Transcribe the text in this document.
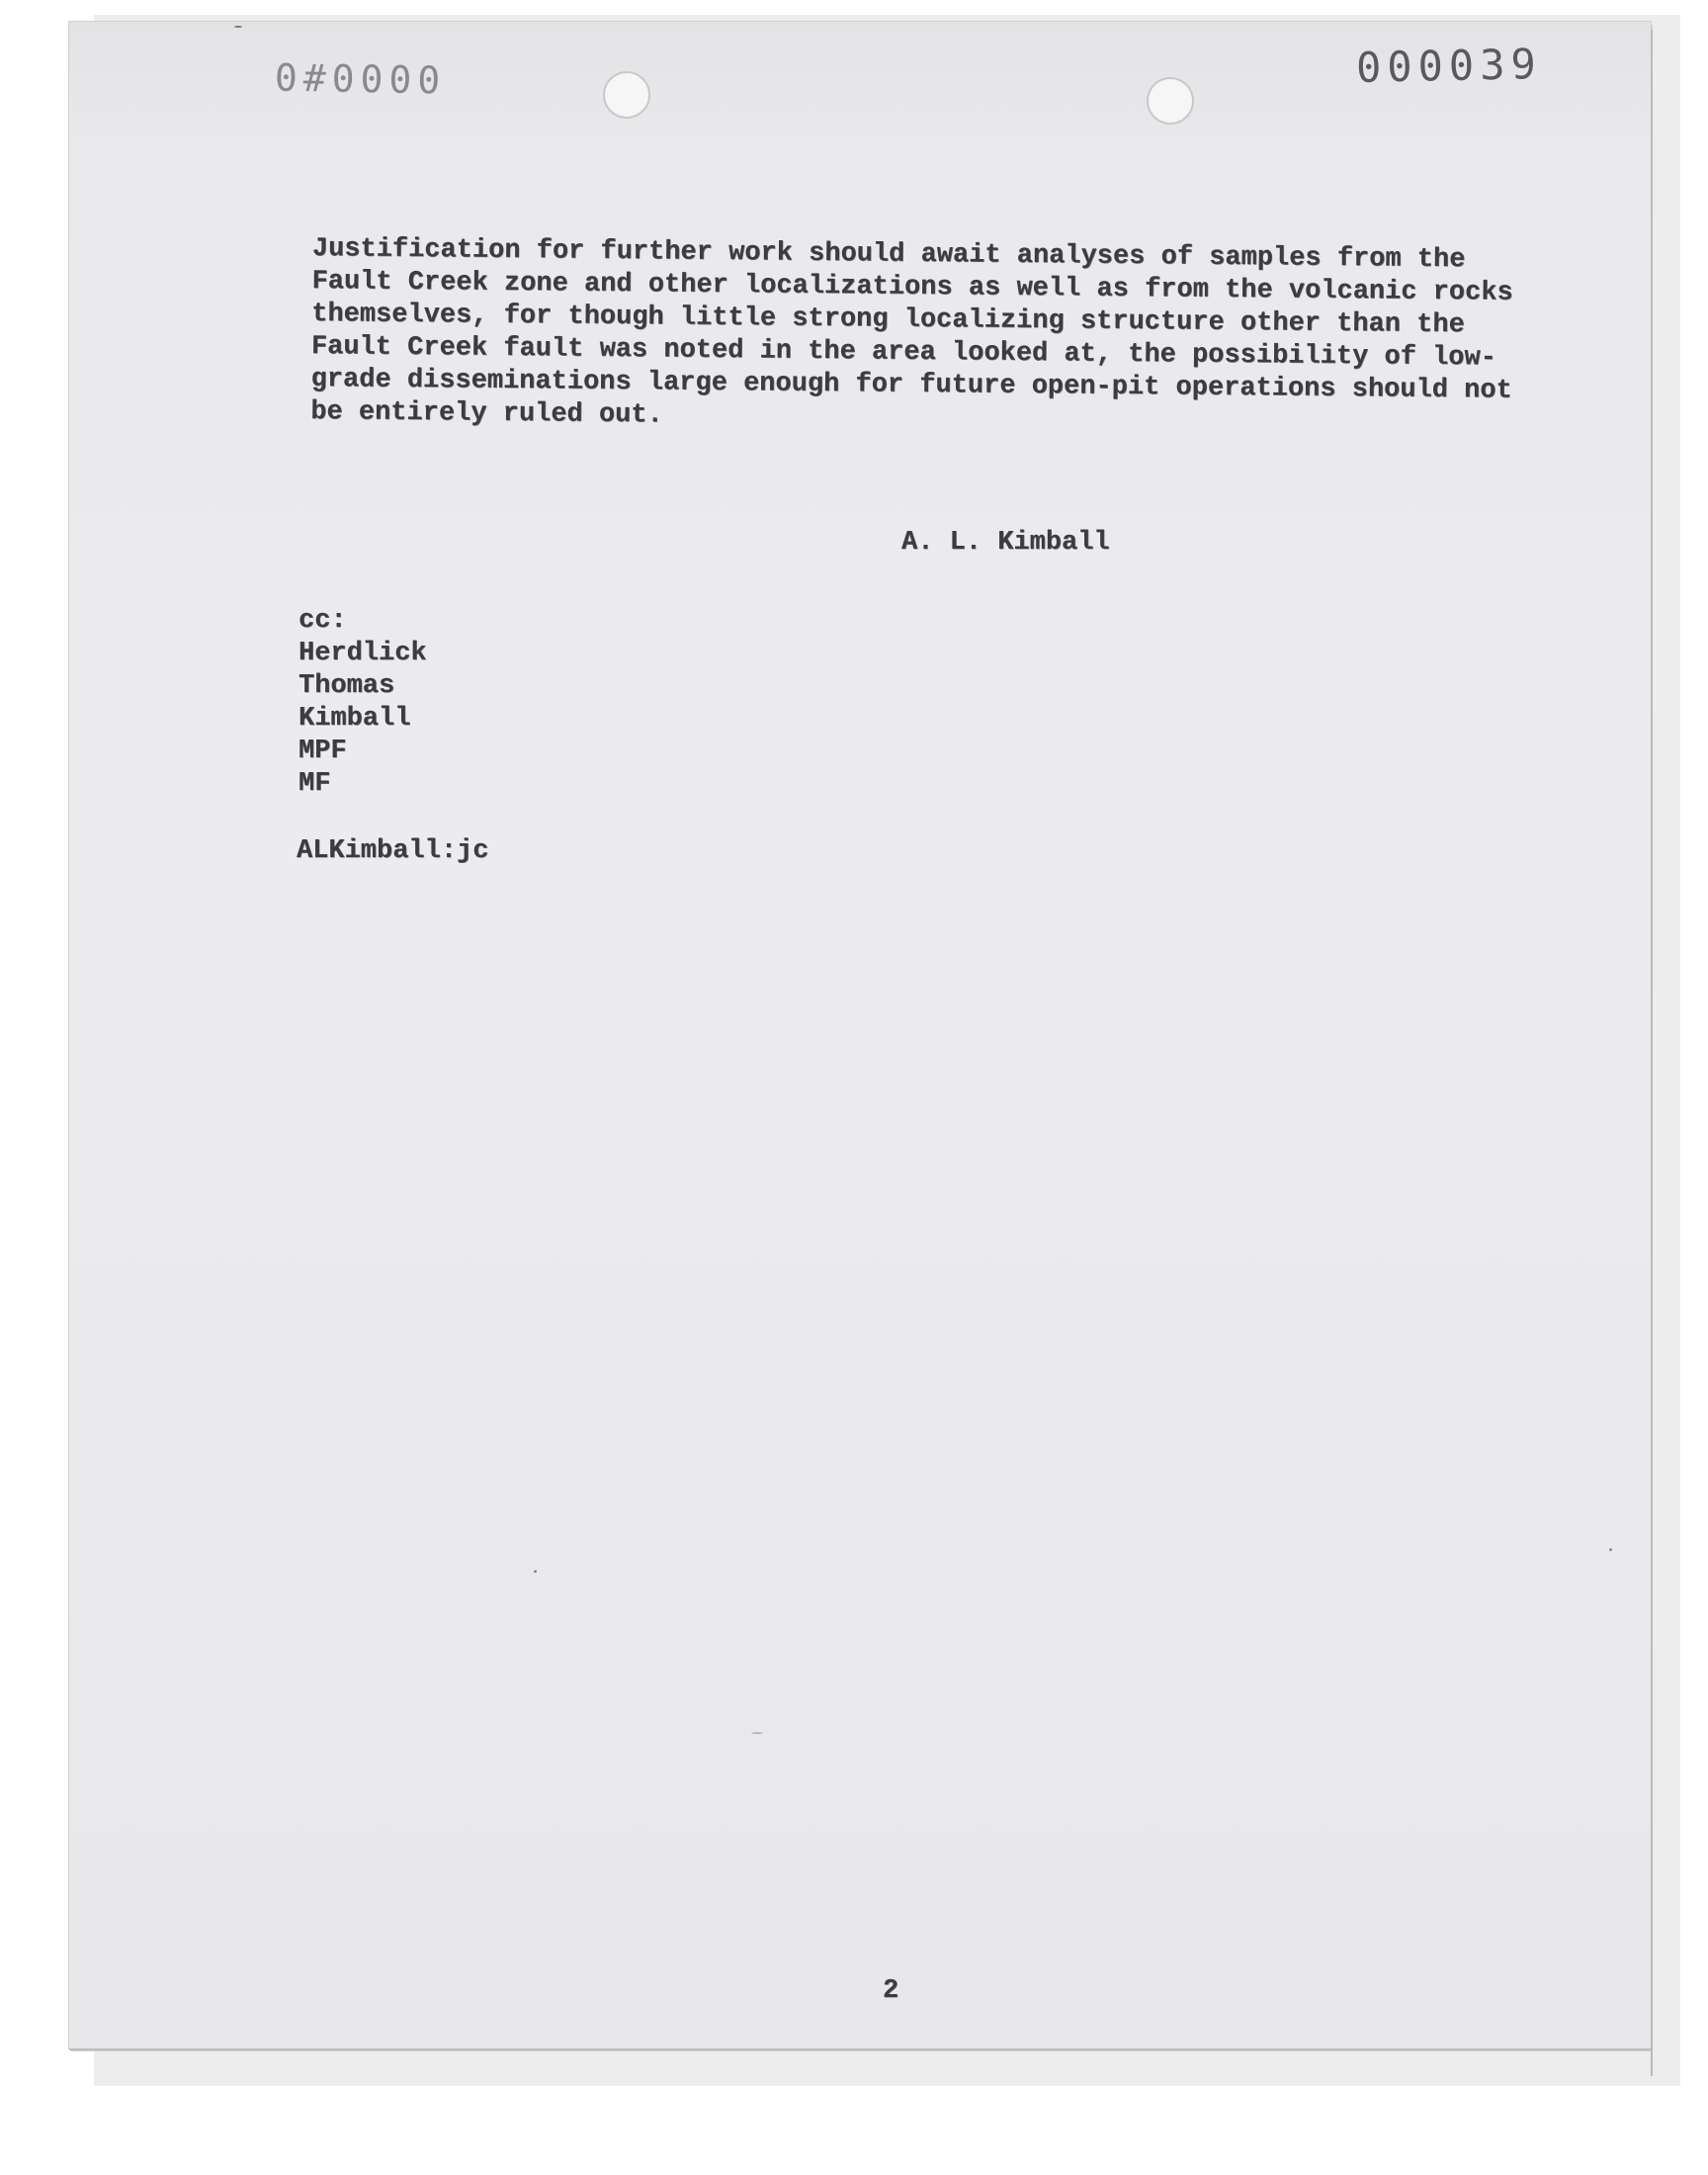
0#0000	000039
Justification for further work should await analyses of samples from the
Fault Creek zone and other localizations as well as from the volcanic rocks
themselves, for though little strong localizing structure other than the
Fault Creek fault was noted in the area looked at, the possibility of low-
grade disseminations large enough for future open-pit operations should not
be entirely ruled out.
A. L. Kimball
cc:
Herdlick
Thomas
Kimball
MPF
MF
ALKimball:jc
2
